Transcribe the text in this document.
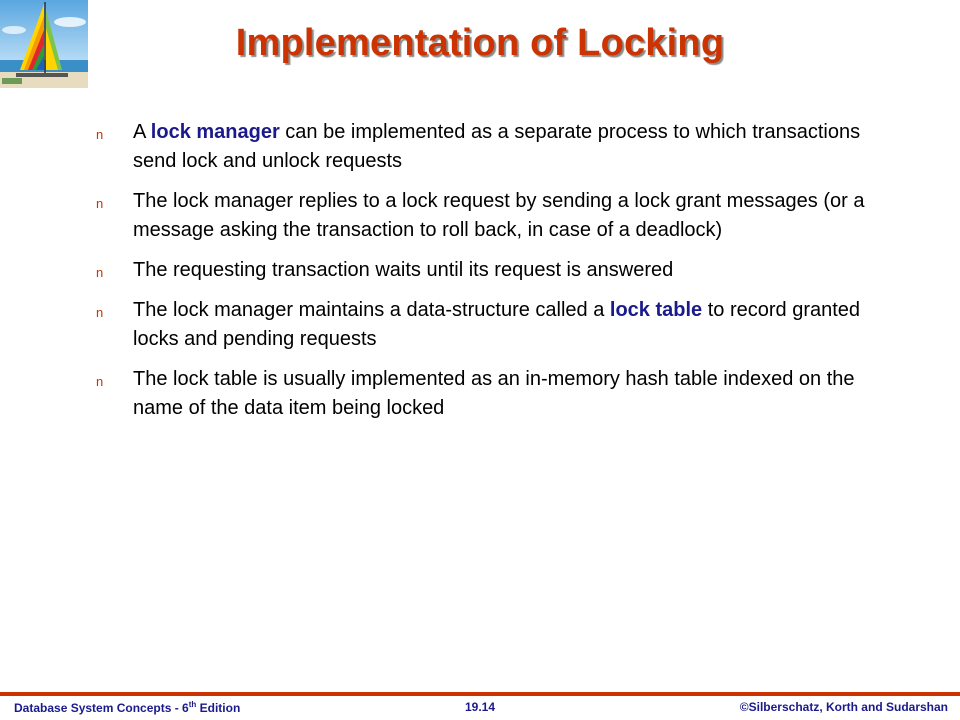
Implementation of Locking
n A lock manager can be implemented as a separate process to which transactions send lock and unlock requests
n The lock manager replies to a lock request by sending a lock grant messages (or a message asking the transaction to roll back, in case of a deadlock)
n The requesting transaction waits until its request is answered
n The lock manager maintains a data-structure called a lock table to record granted locks and pending requests
n The lock table is usually implemented as an in-memory hash table indexed on the name of the data item being locked
Database System Concepts - 6th Edition	19.14	©Silberschatz, Korth and Sudarshan
